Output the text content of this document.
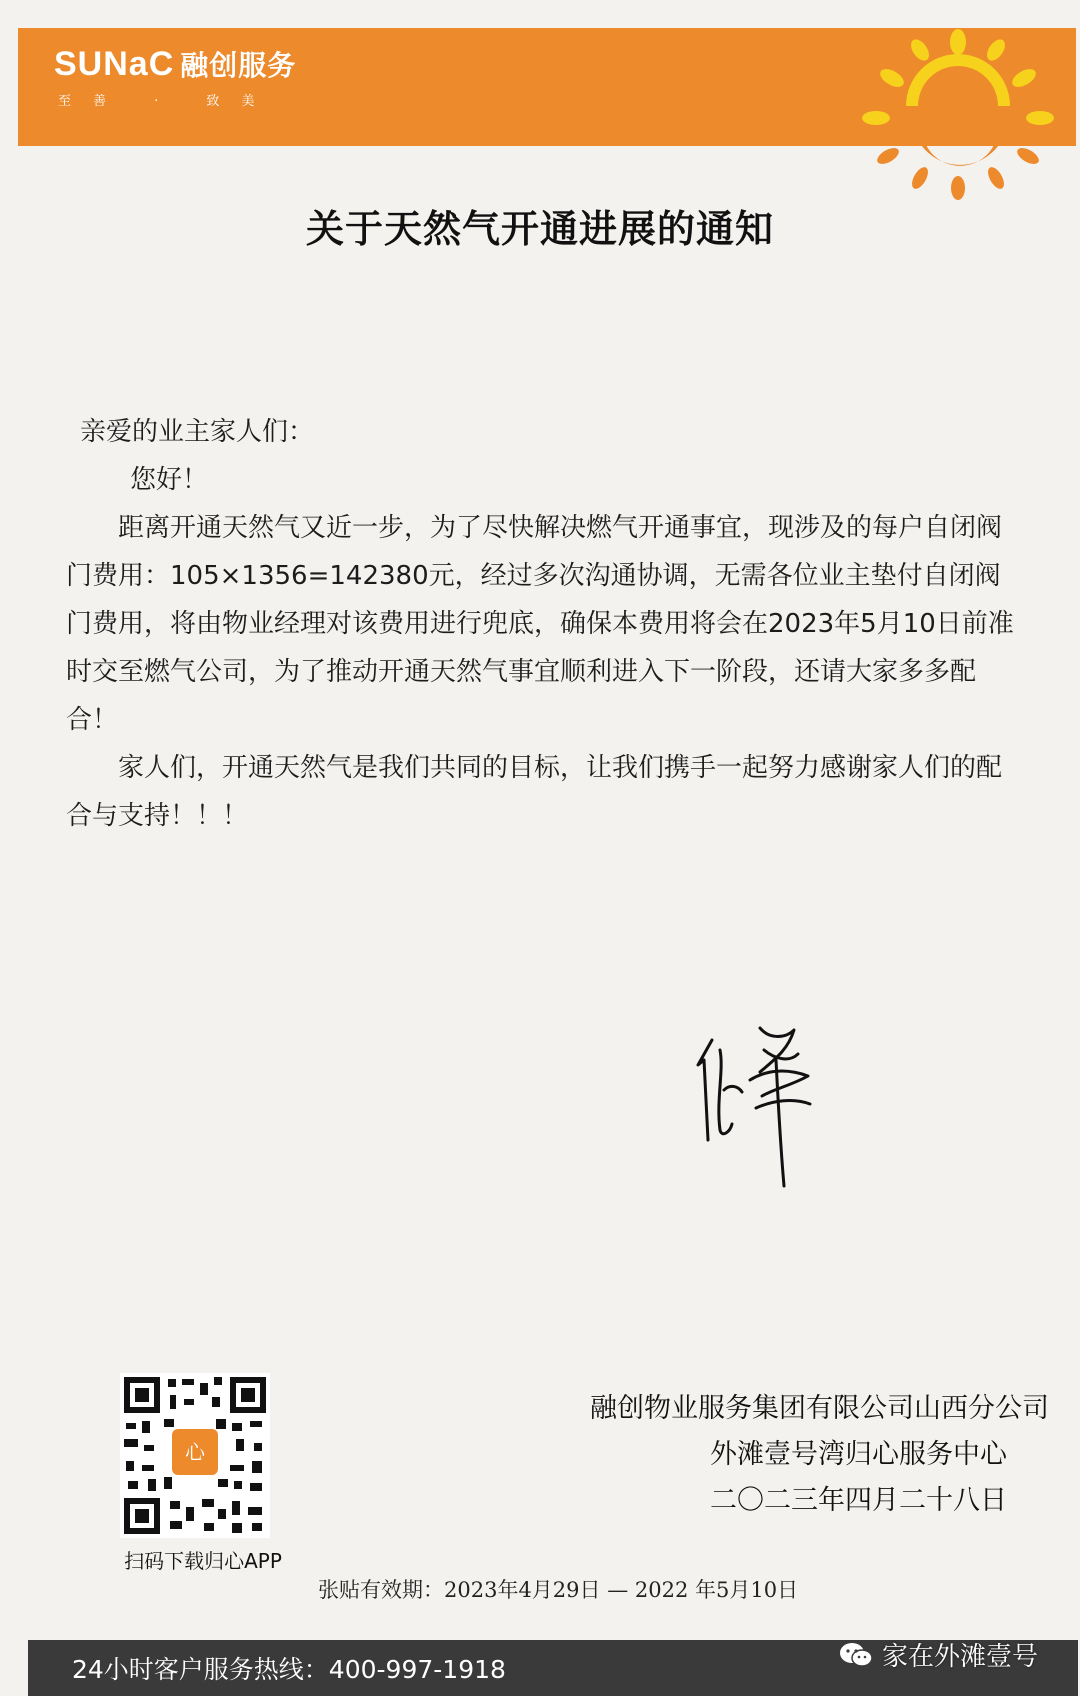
SUNaC 融创服务
至善 · 致美
关于天然气开通进展的通知

亲爱的业主家人们：

您好！

距离开通天然气又近一步，为了尽快解决燃气开通事宜，现涉及的每户自闭阀门费用：105×1356=142380元，经过多次沟通协调，无需各位业主垫付自闭阀门费用，将由物业经理对该费用进行兜底，确保本费用将会在2023年5月10日前准时交至燃气公司，为了推动开通天然气事宜顺利进入下一阶段，还请大家多多配合！

家人们，开通天然气是我们共同的目标，让我们携手一起努力感谢家人们的配合与支持！！！

心
扫码下载归心APP
融创物业服务集团有限公司山西分公司
外滩壹号湾归心服务中心
二〇二三年四月二十八日
张贴有效期：2023年4月29日 — 2022 年5月10日
24小时客户服务热线：400-997-1918	家在外滩壹号
